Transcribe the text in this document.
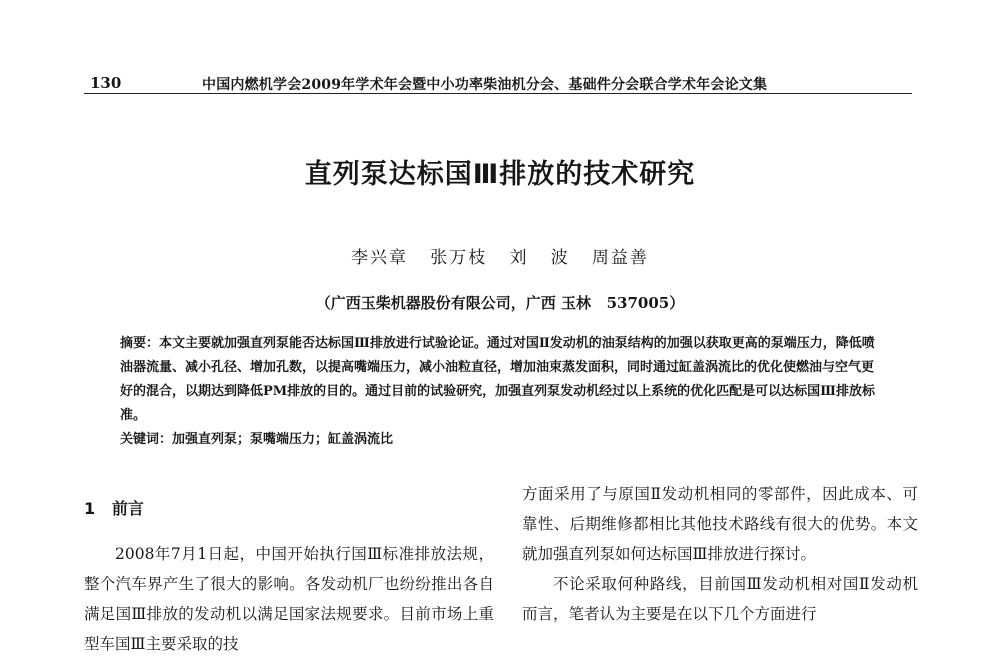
130	中国内燃机学会2009年学术年会暨中小功率柴油机分会、基础件分会联合学术年会论文集
直列泵达标国Ⅲ排放的技术研究
李兴章   张万枝   刘   波   周益善
（广西玉柴机器股份有限公司，广西 玉林   537005）
摘要：本文主要就加强直列泵能否达标国Ⅲ排放进行试验论证。通过对国Ⅱ发动机的油泵结构的加强以获取更高的泵端压力，降低喷油器流量、减小孔径、增加孔数，以提高嘴端压力，减小油粒直径，增加油束蒸发面积，同时通过缸盖涡流比的优化使燃油与空气更好的混合，以期达到降低PM排放的目的。通过目前的试验研究，加强直列泵发动机经过以上系统的优化匹配是可以达标国Ⅲ排放标准。
关键词：加强直列泵；泵嘴端压力；缸盖涡流比
1   前言

2008年7月1日起，中国开始执行国Ⅲ标准排放法规，整个汽车界产生了很大的影响。各发动机厂也纷纷推出各自满足国Ⅲ排放的发动机以满足国家法规要求。目前市场上重型车国Ⅲ主要采取的技

方面采用了与原国Ⅱ发动机相同的零部件，因此成本、可靠性、后期维修都相比其他技术路线有很大的优势。本文就加强直列泵如何达标国Ⅲ排放进行探讨。

不论采取何种路线，目前国Ⅲ发动机相对国Ⅱ发动机而言，笔者认为主要是在以下几个方面进行
